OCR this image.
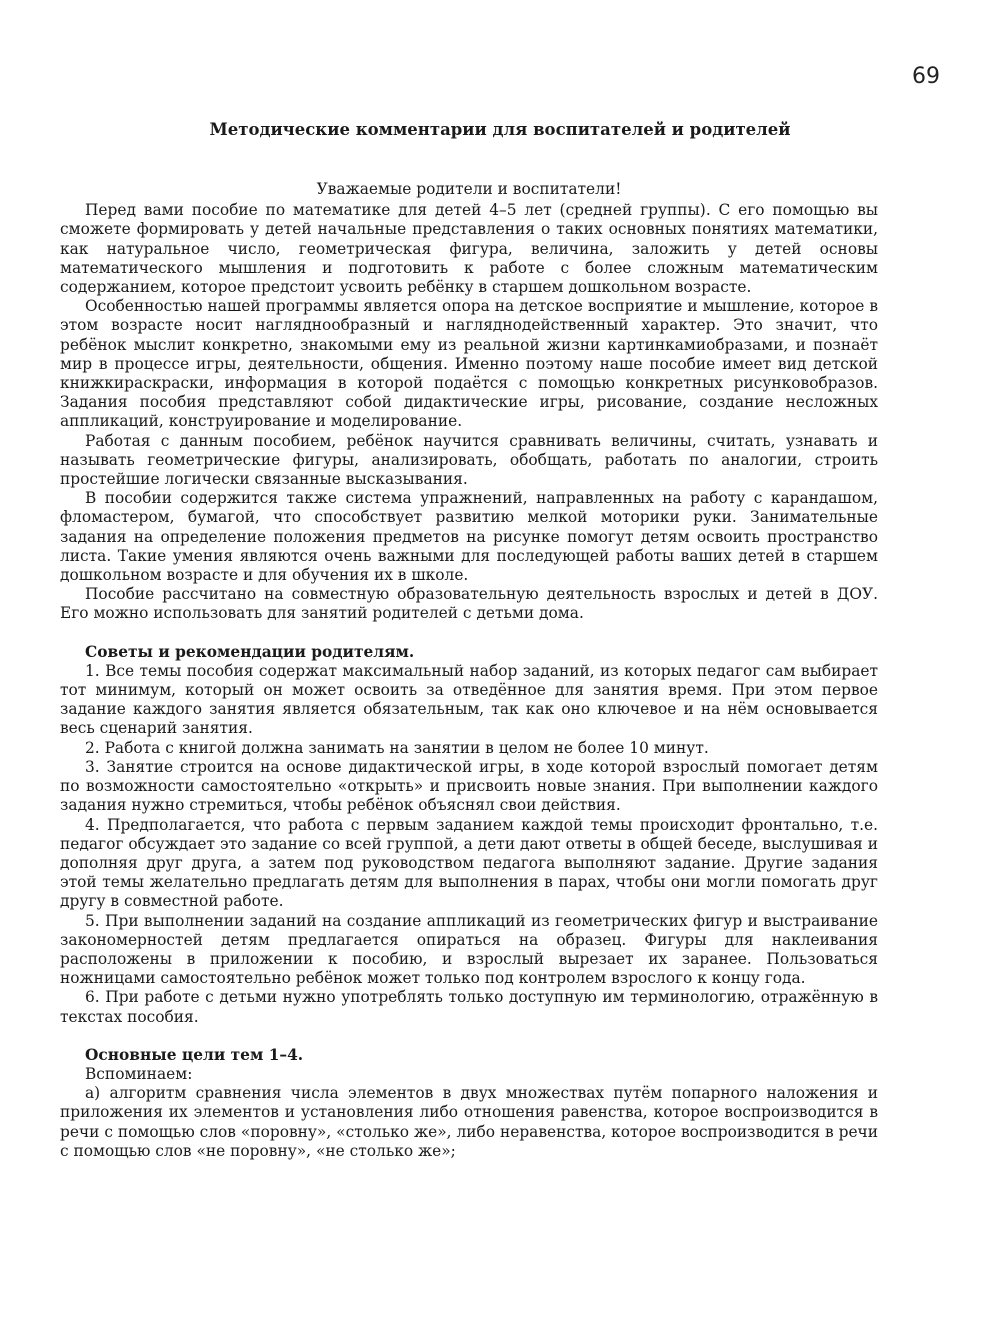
69
Методические комментарии для воспитателей и родителей

Уважаемые родители и воспитатели!

Перед вами пособие по математике для детей 4–5 лет (средней группы). С его помощью вы сможете формировать у детей начальные представления о таких основных понятиях математики, как натуральное число, геометрическая фигура, величина, заложить у детей основы математического мышления и подготовить к работе с более сложным математическим содержанием, которое предстоит усвоить ребёнку в старшем дошкольном возрасте.

Особенностью нашей программы является опора на детское восприятие и мышление, которое в этом возрасте носит нагляднообразный и нагляднодейственный характер. Это значит, что ребёнок мыслит конкретно, знакомыми ему из реальной жизни картинкамиобразами, и познаёт мир в процессе игры, деятельности, общения. Именно поэтому наше пособие имеет вид детской книжкираскраски, информация в которой подаётся с помощью конкретных рисунковобразов. Задания пособия представляют собой дидактические игры, рисование, создание несложных аппликаций, конструирование и моделирование.

Работая с данным пособием, ребёнок научится сравнивать величины, считать, узнавать и называть геометрические фигуры, анализировать, обобщать, работать по аналогии, строить простейшие логически связанные высказывания.

В пособии содержится также система упражнений, направленных на работу с карандашом, фломастером, бумагой, что способствует развитию мелкой моторики руки. Занимательные задания на определение положения предметов на рисунке помогут детям освоить пространство листа. Такие умения являются очень важными для последующей работы ваших детей в старшем дошкольном возрасте и для обучения их в школе.

Пособие рассчитано на совместную образовательную деятельность взрослых и детей в ДОУ. Его можно использовать для занятий родителей с детьми дома.

Советы и рекомендации родителям.

1. Все темы пособия содержат максимальный набор заданий, из которых педагог сам выбирает тот минимум, который он может освоить за отведённое для занятия время. При этом первое задание каждого занятия является обязательным, так как оно ключевое и на нём основывается весь сценарий занятия.

2. Работа с книгой должна занимать на занятии в целом не более 10 минут.

3. Занятие строится на основе дидактической игры, в ходе которой взрослый помогает детям по возможности самостоятельно «открыть» и присвоить новые знания. При выполнении каждого задания нужно стремиться, чтобы ребёнок объяснял свои действия.

4. Предполагается, что работа с первым заданием каждой темы происходит фронтально, т.е. педагог обсуждает это задание со всей группой, а дети дают ответы в общей беседе, выслушивая и дополняя друг друга, а затем под руководством педагога выполняют задание. Другие задания этой темы желательно предлагать детям для выполнения в парах, чтобы они могли помогать друг другу в совместной работе.

5. При выполнении заданий на создание аппликаций из геометрических фигур и выстраивание закономерностей детям предлагается опираться на образец. Фигуры для наклеивания расположены в приложении к пособию, и взрослый вырезает их заранее. Пользоваться ножницами самостоятельно ребёнок может только под контролем взрослого к концу года.

6. При работе с детьми нужно употреблять только доступную им терминологию, отражённую в текстах пособия.

Основные цели тем 1–4.

Вспоминаем:

а) алгоритм сравнения числа элементов в двух множествах путём попарного наложения и приложения их элементов и установления либо отношения равенства, которое воспроизводится в речи с помощью слов «поровну», «столько же», либо неравенства, которое воспроизводится в речи с помощью слов «не поровну», «не столько же»;
